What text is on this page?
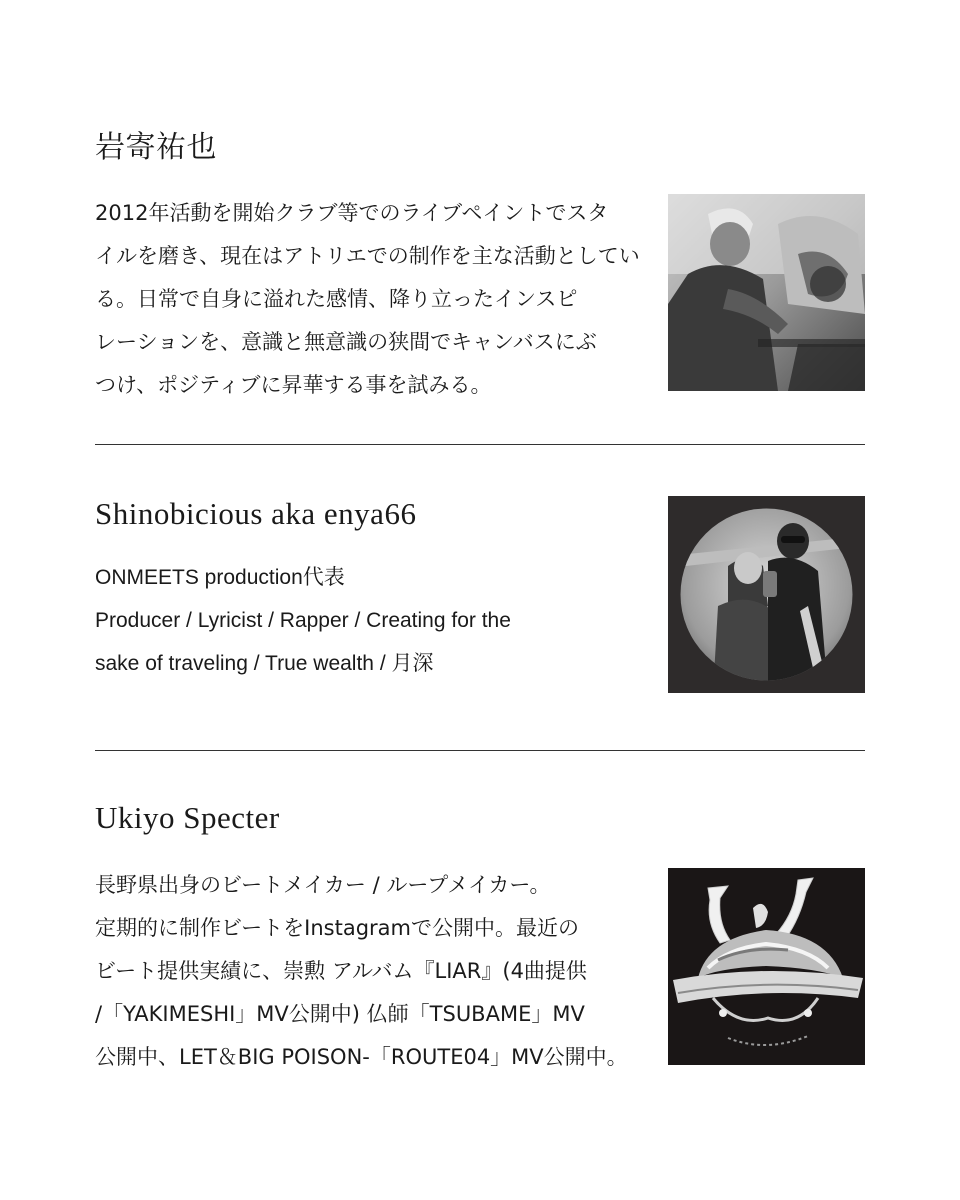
岩寄祐也

2012年活動を開始クラブ等でのライブペイントでスタ
イルを磨き、現在はアトリエでの制作を主な活動としてい
る。日常で自身に溢れた感情、降り立ったインスピ
レーションを、意識と無意識の狭間でキャンバスにぶ
つけ、ポジティブに昇華する事を試みる。

Shinobicious aka enya66

ONMEETS production代表
Producer / Lyricist / Rapper / Creating for the
sake of traveling / True wealth / 月深

Ukiyo Specter

長野県出身のビートメイカー / ループメイカー。
定期的に制作ビートをInstagramで公開中。最近の
ビート提供実績に、崇勲 アルバム『LIAR』(4曲提供
/「YAKIMESHI」MV公開中) 仏師「TSUBAME」MV
公開中、LET＆BIG POISON-「ROUTE04」MV公開中。
